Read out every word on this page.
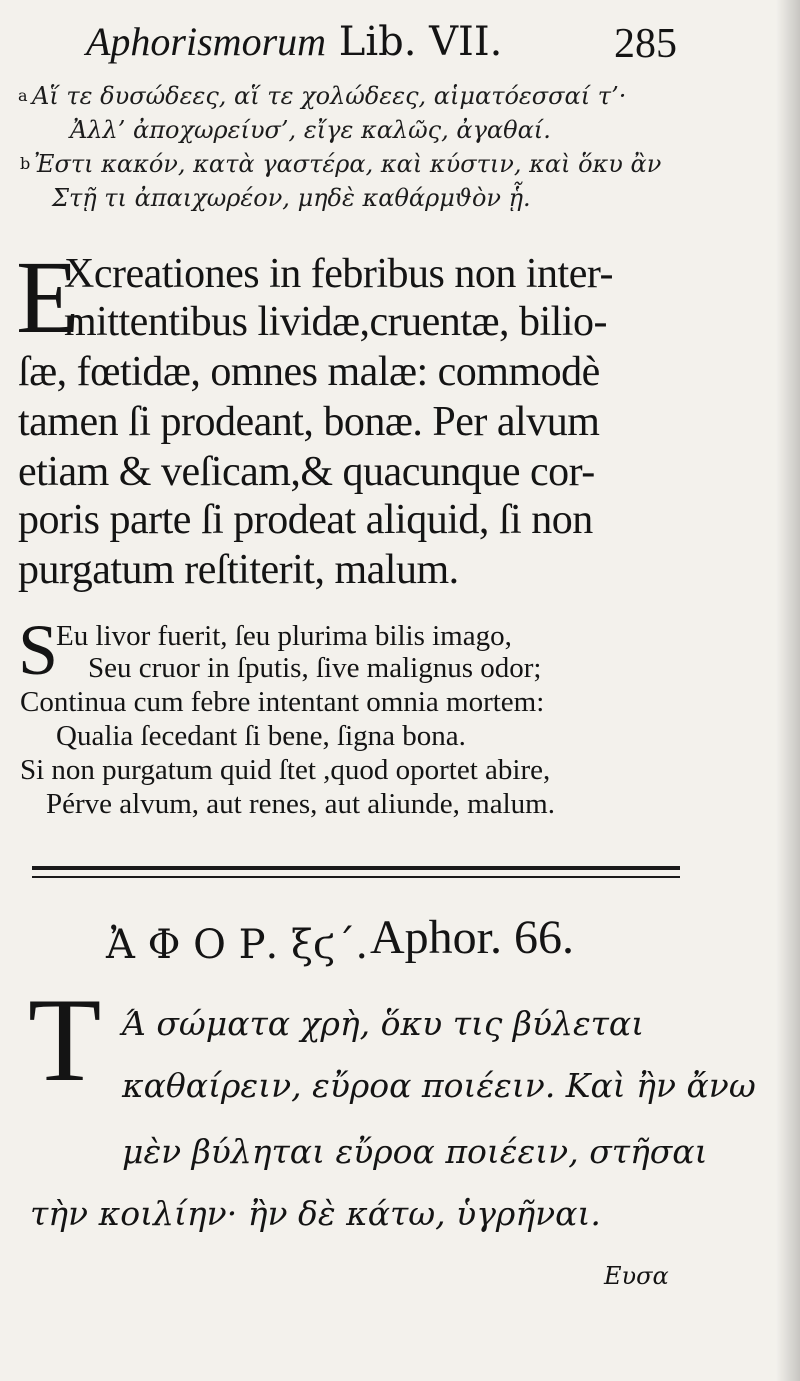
Aphorismorum Lib. VII.	285
a Αἵ τε δυσώδεες, αἵ τε χολώδεες, αἱματόεσσαί τ’·
Ἀλλ’ ἀποχωρείυσ’, εἴγε καλῶς, ἀγαθαί.
b Ἐστι κακόν, κατὰ γαστέρα, καὶ κύστιν, καὶ ὅκυ ἂν
Στῇ τι ἀπαιχωρέον, μηδὲ καθάρμϑὸν ᾗ.
E
Xcreationes in febribus non inter-
mittentibus lividæ,cruentæ, bilio-
ſæ, fœtidæ, omnes malæ: commodè
tamen ſi prodeant, bonæ. Per alvum
etiam & veſicam,& quacunque cor-
poris parte ſi prodeat aliquid, ſi non
purgatum reſtiterit, malum.
S
Eu livor fuerit, ſeu plurima bilis imago,
Seu cruor in ſputis, ſive malignus odor;
Continua cum febre intentant omnia mortem:
Qualia ſecedant ſi bene, ſigna bona.
Si non purgatum quid ſtet ,quod oportet abire,
Pérve alvum, aut renes, aut aliunde, malum.
Ἀ Φ Ο Ρ. ξϛ΄. Aphor. 66.
T Ά σώματα χρὴ, ὅκυ τις βύλεται
καθαίρειν, εὔροα ποιέειν. Καὶ ἢν ἄνω
μὲν βύληται εὔροα ποιέειν, στῆσαι
τὴν κοιλίην· ἢν δὲ κάτω, ὑγρῆναι.
Ευσα
